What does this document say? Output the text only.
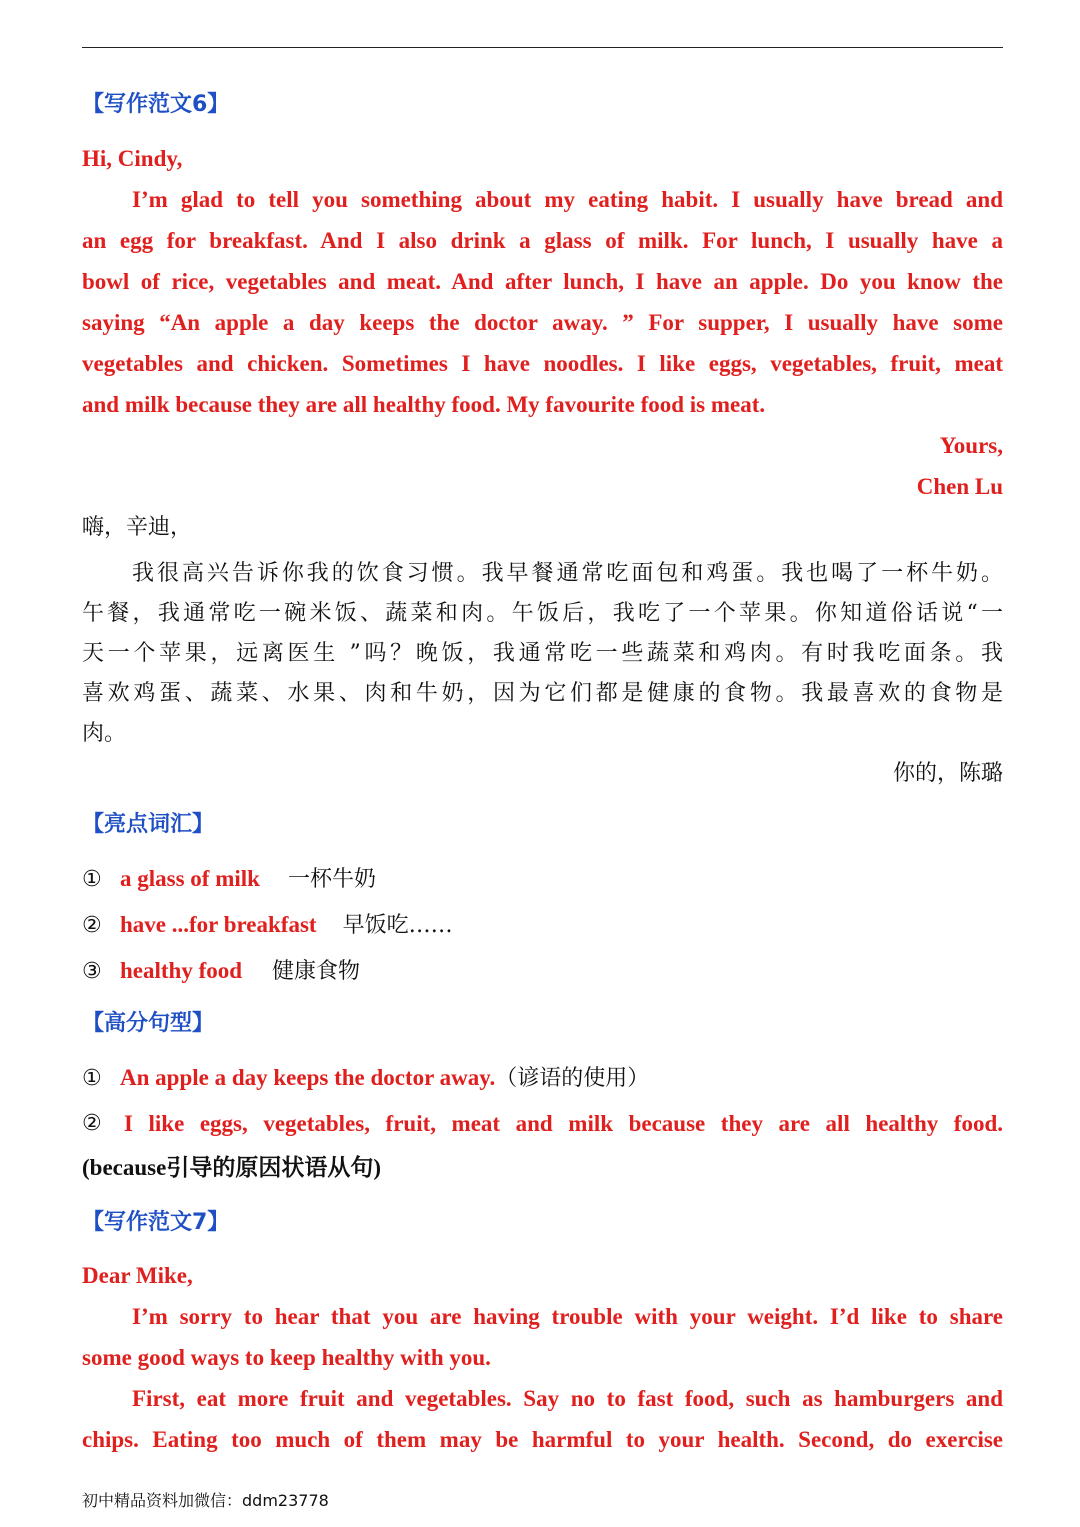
【写作范文6】
Hi, Cindy,
I’m glad to tell you something about my eating habit. I usually have bread and
an egg for breakfast. And I also drink a glass of milk. For lunch, I usually have a
bowl of rice, vegetables and meat. And after lunch, I have an apple. Do you know the
saying “An apple a day keeps the doctor away. ” For supper, I usually have some
vegetables and chicken. Sometimes I have noodles. I like eggs, vegetables, fruit, meat
and milk because they are all healthy food. My favourite food is meat.
Yours,
Chen Lu
嗨，辛迪，
我很高兴告诉你我的饮食习惯。我早餐通常吃面包和鸡蛋。我也喝了一杯牛奶。
午餐，我通常吃一碗米饭、蔬菜和肉。午饭后，我吃了一个苹果。你知道俗话说“一
天一个苹果，远离医生 ”吗？晚饭，我通常吃一些蔬菜和鸡肉。有时我吃面条。我
喜欢鸡蛋、蔬菜、水果、肉和牛奶，因为它们都是健康的食物。我最喜欢的食物是
肉。
你的，陈璐
【亮点词汇】
① a glass of milk 一杯牛奶
② have ...for breakfast 早饭吃……
③ healthy food 健康食物
【高分句型】
① An apple a day keeps the doctor away.（谚语的使用）
② I like eggs, vegetables, fruit, meat and milk because they are all healthy food.
(because引导的原因状语从句)
【写作范文7】
Dear Mike,
I’m sorry to hear that you are having trouble with your weight. I’d like to share
some good ways to keep healthy with you.
First, eat more fruit and vegetables. Say no to fast food, such as hamburgers and
chips. Eating too much of them may be harmful to your health. Second, do exercise
初中精品资料加微信：ddm23778
